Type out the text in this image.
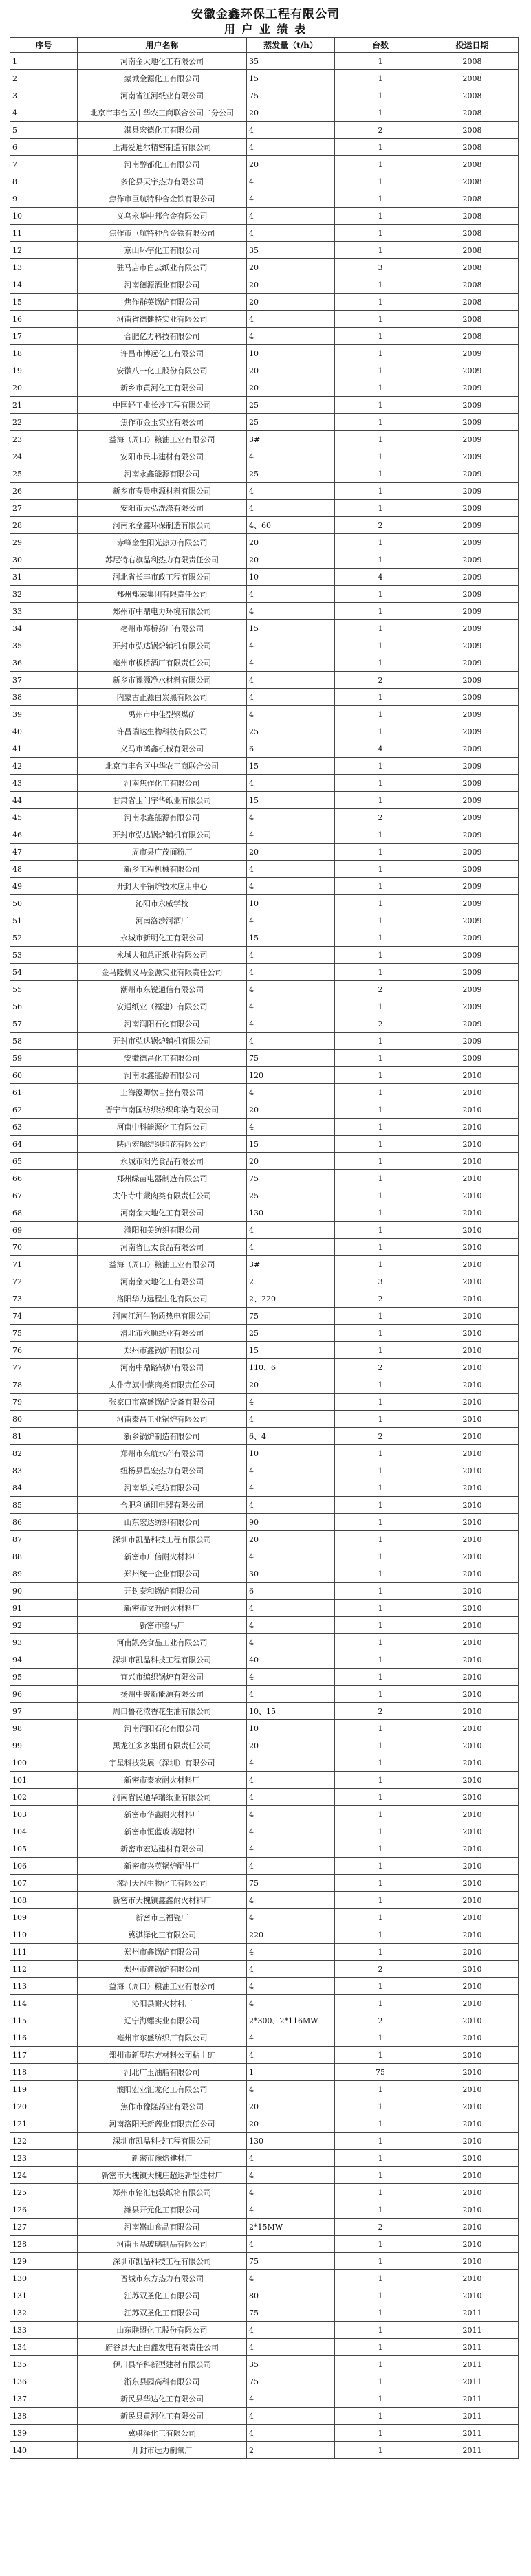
安徽金鑫环保工程有限公司
用 户 业 绩 表
序号	用户名称	蒸发量（t/h）	台数	投运日期
1	河南金大地化工有限公司	35	1	2008
2	蒙城金源化工有限公司	15	1	2008
3	河南省江河纸业有限公司	75	1	2008
4	北京市丰台区中华农工商联合公司二分公司	20	1	2008
5	淇县宏德化工有限公司	4	2	2008
6	上海爱迪尔精密制造有限公司	4	1	2008
7	河南醇都化工有限公司	20	1	2008
8	多伦县天宇热力有限公司	4	1	2008
9	焦作市巨航特种合金铁有限公司	4	1	2008
10	义乌永华中邦合金有限公司	4	1	2008
11	焦作市巨航特种合金铁有限公司	4	1	2008
12	京山环宇化工有限公司	35	1	2008
13	驻马店市白云纸业有限公司	20	3	2008
14	河南德源酒业有限公司	20	1	2008
15	焦作群英锅炉有限公司	20	1	2008
16	河南省德健特实业有限公司	4	1	2008
17	合肥亿力科技有限公司	4	1	2008
18	许昌市博远化工有限公司	10	1	2009
19	安徽八一化工股份有限公司	20	1	2009
20	新乡市黄河化工有限公司	20	1	2009
21	中国轻工业长沙工程有限公司	25	1	2009
22	焦作市金玉实业有限公司	25	1	2009
23	益海（周口）粮油工业有限公司	3#	1	2009
24	安阳市民丰建材有限公司	4	1	2009
25	河南永鑫能源有限公司	25	1	2009
26	新乡市春晨电源材料有限公司	4	1	2009
27	安阳市天弘洗涤有限公司	4	1	2009
28	河南永金鑫环保制造有限公司	4、60	2	2009
29	赤峰金生阳光热力有限公司	20	1	2009
30	苏尼特右旗晶利热力有限责任公司	20	1	2009
31	河北省长丰市政工程有限公司	10	4	2009
32	郑州郑荣集团有限责任公司	4	1	2009
33	郑州市中鼎电力环境有限公司	4	1	2009
34	亳州市郑桥药厂有限公司	15	1	2009
35	开封市弘达锅炉辅机有限公司	4	1	2009
36	亳州市板桥酒厂有限责任公司	4	1	2009
37	新乡市豫源净水材料有限公司	4	2	2009
38	内蒙古正源白炭黑有限公司	4	1	2009
39	禹州市中佳型钢煤矿	4	1	2009
40	许昌瑞达生物科技有限公司	25	1	2009
41	义马市鸿鑫机械有限公司	6	4	2009
42	北京市丰台区中华农工商联合公司	15	1	2009
43	河南焦作化工有限公司	4	1	2009
44	甘肃省玉门宇华纸业有限公司	15	1	2009
45	河南永鑫能源有限公司	4	2	2009
46	开封市弘达锅炉辅机有限公司	4	1	2009
47	周市县广茂面粉厂	20	1	2009
48	新乡工程机械有限公司	4	1	2009
49	开封大平锅炉技术应用中心	4	1	2009
50	沁阳市永威学校	10	1	2009
51	河南洛沙河酒厂	4	1	2009
52	永城市新明化工有限公司	15	1	2009
53	永城大和总正纸业有限公司	4	1	2009
54	金马隆机义马金源实业有限责任公司	4	1	2009
55	潮州市东锐通信有限公司	4	2	2009
56	安通纸业（福建）有限公司	4	1	2009
57	河南润阳石化有限公司	4	2	2009
58	开封市弘达锅炉辅机有限公司	4	1	2009
59	安徽德昌化工有限公司	75	1	2009
60	河南永鑫能源有限公司	120	1	2010
61	上海澄卿软自控有限公司	4	1	2010
62	晋宁市南国纺织纺织印染有限公司	20	1	2010
63	河南中科能源化工有限公司	4	1	2010
64	陕西宏瑞纺织印花有限公司	15	1	2010
65	永城市阳光食品有限公司	20	1	2010
66	郑州绿苗电器制造有限公司	75	1	2010
67	太仆寺中蒙肉类有限责任公司	25	1	2010
68	河南金大地化工有限公司	130	1	2010
69	濮阳和美纺织有限公司	4	1	2010
70	河南省巨太食品有限公司	4	1	2010
71	益海（周口）粮油工业有限公司	3#	1	2010
72	河南金大地化工有限公司	2	3	2010
73	洛阳华力远程生化有限公司	2、220	2	2010
74	河南江河生物质热电有限公司	75	1	2010
75	滑北市永顺纸业有限公司	25	1	2010
76	郑州市鑫锅炉有限公司	15	1	2010
77	河南中鼎路锅炉有限公司	110、6	2	2010
78	太仆寺旗中蒙肉类有限责任公司	20	1	2010
79	张家口市富盛锅炉设备有限公司	4	1	2010
80	河南泰昌工业锅炉有限公司	4	1	2010
81	新乡锅炉制造有限公司	6、4	2	2010
82	郑州市东航水产有限公司	10	1	2010
83	纽杨县昌宏热力有限公司	4	1	2010
84	河南华戎毛纺有限公司	4	1	2010
85	合肥利通阻电器有限公司	4	1	2010
86	山东宏达纺织有限公司	90	1	2010
87	深圳市凯晶科技工程有限公司	20	1	2010
88	新密市广信耐火材料厂	4	1	2010
89	郑州统一企业有限公司	30	1	2010
90	开封泰和锅炉有限公司	6	1	2010
91	新密市文升耐火材料厂	4	1	2010
92	新密市整马厂	4	1	2010
93	河南凯亮食品工业有限公司	4	1	2010
94	深圳市凯晶科技工程有限公司	40	1	2010
95	宜兴市编织锅炉有限公司	4	1	2010
96	扬州中聚新能源有限公司	4	1	2010
97	周口鲁花浓香花生油有限公司	10、15	2	2010
98	河南润阳石化有限公司	10	1	2010
99	黑龙江多多集团有限责任公司	20	1	2010
100	宇星科技发展（深圳）有限公司	4	1	2010
101	新密市泰农耐火材料厂	4	1	2010
102	河南省民通华瑞纸业有限公司	4	1	2010
103	新密市华鑫耐火材料厂	4	1	2010
104	新密市恒蓝玻璃建材厂	4	1	2010
105	新密市宏达建材有限公司	4	1	2010
106	新密市兴英锅炉配件厂	4	1	2010
107	漯河天冠生物化工有限公司	75	1	2010
108	新密市大槐镇鑫鑫耐火材料厂	4	1	2010
109	新密市三福瓷厂	4	1	2010
110	冀骐泽化工有限公司	220	1	2010
111	郑州市鑫锅炉有限公司	4	1	2010
112	郑州市鑫锅炉有限公司	4	2	2010
113	益海（周口）粮油工业有限公司	4	1	2010
114	沁阳县耐火材料厂	4	1	2010
115	辽宁海螺实业有限公司	2*300、2*116MW	2	2010
116	亳州市东盛纺织厂有限公司	4	1	2010
117	郑州市新型东方材料公司粘土矿	4	1	2010
118	河北广玉油脂有限公司	1	75	2010
119	濮阳宏业汇龙化工有限公司	4	1	2010
120	焦作市豫隆药业有限公司	20	1	2010
121	河南洛阳天新药业有限责任公司	20	1	2010
122	深圳市凯晶科技工程有限公司	130	1	2010
123	新密市豫熔建材厂	4	1	2010
124	新密市大槐镇大槐庄超达新型建材厂	4	1	2010
125	郑州市铭汇包装纸箱有限公司	4	1	2010
126	潍县开元化工有限公司	4	1	2010
127	河南嵩山食品有限公司	2*15MW	2	2010
128	河南玉晶玻璃制品有限公司	4	1	2010
129	深圳市凯晶科技工程有限公司	75	1	2010
130	晋城市东方热力有限公司	4	1	2010
131	江苏双圣化工有限公司	80	1	2010
132	江苏双圣化工有限公司	75	1	2011
133	山东联盟化工股份有限公司	4	1	2011
134	府谷县天正白鑫发电有限责任公司	4	1	2011
135	伊川县华科新型建材有限公司	35	1	2011
136	浙东县园高科有限公司	75	1	2011
137	新民县华达化工有限公司	4	1	2011
138	新民县黄河化工有限公司	4	1	2011
139	冀骐泽化工有限公司	4	1	2011
140	开封市远力制氧厂	2	1	2011
